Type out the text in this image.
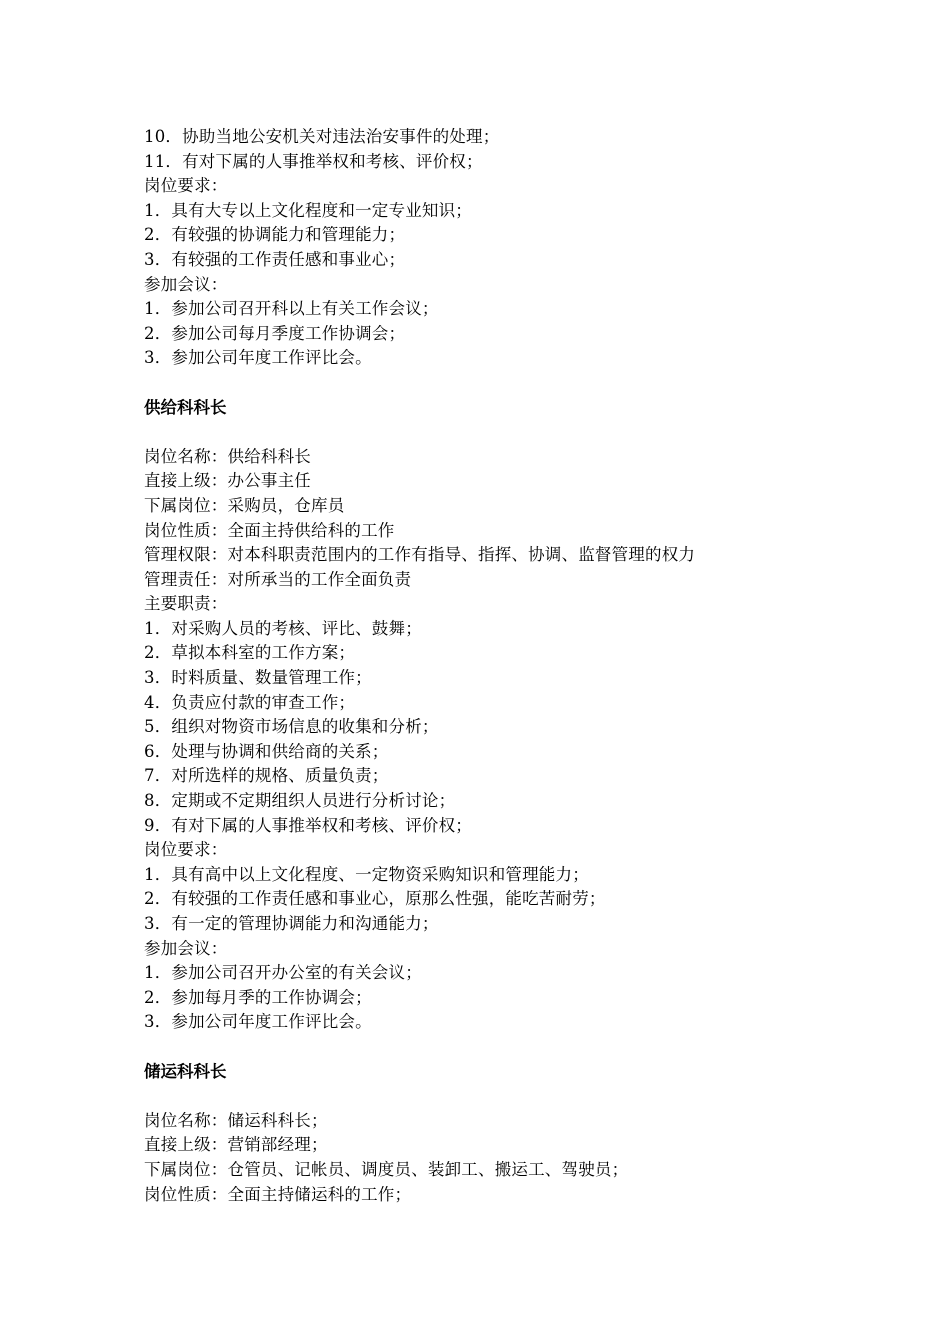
10．协助当地公安机关对违法治安事件的处理；
11．有对下属的人事推举权和考核、评价权；
岗位要求：
1．具有大专以上文化程度和一定专业知识；
2．有较强的协调能力和管理能力；
3．有较强的工作责任感和事业心；
参加会议：
1．参加公司召开科以上有关工作会议；
2．参加公司每月季度工作协调会；
3．参加公司年度工作评比会。
供给科科长
岗位名称：供给科科长
直接上级：办公事主任
下属岗位：采购员，仓库员
岗位性质：全面主持供给科的工作
管理权限：对本科职责范围内的工作有指导、指挥、协调、监督管理的权力
管理责任：对所承当的工作全面负责
主要职责：
1．对采购人员的考核、评比、鼓舞；
2．草拟本科室的工作方案；
3．时料质量、数量管理工作；
4．负责应付款的审查工作；
5．组织对物资市场信息的收集和分析；
6．处理与协调和供给商的关系；
7．对所选样的规格、质量负责；
8．定期或不定期组织人员进行分析讨论；
9．有对下属的人事推举权和考核、评价权；
岗位要求：
1．具有高中以上文化程度、一定物资采购知识和管理能力；
2．有较强的工作责任感和事业心，原那么性强，能吃苦耐劳；
3．有一定的管理协调能力和沟通能力；
参加会议：
1．参加公司召开办公室的有关会议；
2．参加每月季的工作协调会；
3．参加公司年度工作评比会。
储运科科长
岗位名称：储运科科长；
直接上级：营销部经理；
下属岗位：仓管员、记帐员、调度员、装卸工、搬运工、驾驶员；
岗位性质：全面主持储运科的工作；
